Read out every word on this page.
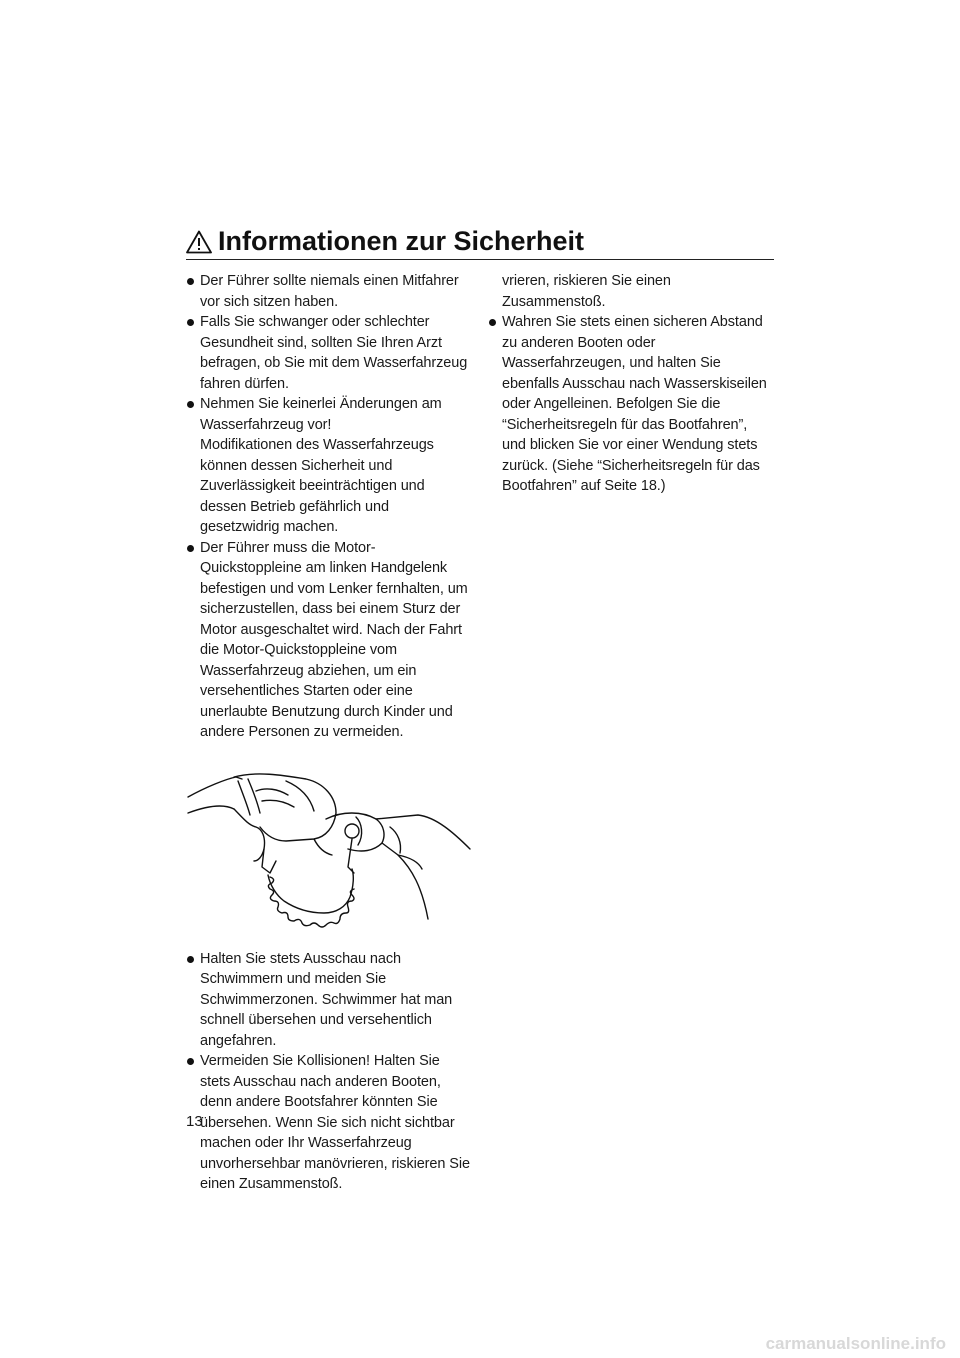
Informationen zur Sicherheit

Der Führer sollte niemals einen Mitfahrer vor sich sitzen haben.

Falls Sie schwanger oder schlechter Gesundheit sind, sollten Sie Ihren Arzt befragen, ob Sie mit dem Wasserfahrzeug fahren dürfen.

Nehmen Sie keinerlei Änderungen am Wasserfahrzeug vor!

Modifikationen des Wasserfahrzeugs können dessen Sicherheit und Zuverlässigkeit beeinträchtigen und dessen Betrieb gefährlich und gesetzwidrig machen.

Der Führer muss die Motor-Quickstoppleine am linken Handgelenk befestigen und vom Lenker fernhalten, um sicherzustellen, dass bei einem Sturz der Motor ausgeschaltet wird. Nach der Fahrt die Motor-Quickstoppleine vom Wasserfahrzeug abziehen, um ein versehentliches Starten oder eine unerlaubte Benutzung durch Kinder und andere Personen zu vermeiden.

Halten Sie stets Ausschau nach Schwimmern und meiden Sie Schwimmerzonen. Schwimmer hat man schnell übersehen und versehentlich angefahren.

Vermeiden Sie Kollisionen! Halten Sie stets Ausschau nach anderen Booten, denn andere Bootsfahrer könnten Sie übersehen. Wenn Sie sich nicht sichtbar machen oder Ihr Wasserfahrzeug unvorhersehbar manövrieren, riskieren Sie einen Zusammenstoß.

vrieren, riskieren Sie einen Zusammenstoß.

Wahren Sie stets einen sicheren Abstand zu anderen Booten oder Wasserfahrzeugen, und halten Sie ebenfalls Ausschau nach Wasserskiseilen oder Angelleinen. Befolgen Sie die “Sicherheitsregeln für das Bootfahren”, und blicken Sie vor einer Wendung stets zurück. (Siehe “Sicherheitsregeln für das Bootfahren” auf Seite 18.)

13
carmanualsonline.info
